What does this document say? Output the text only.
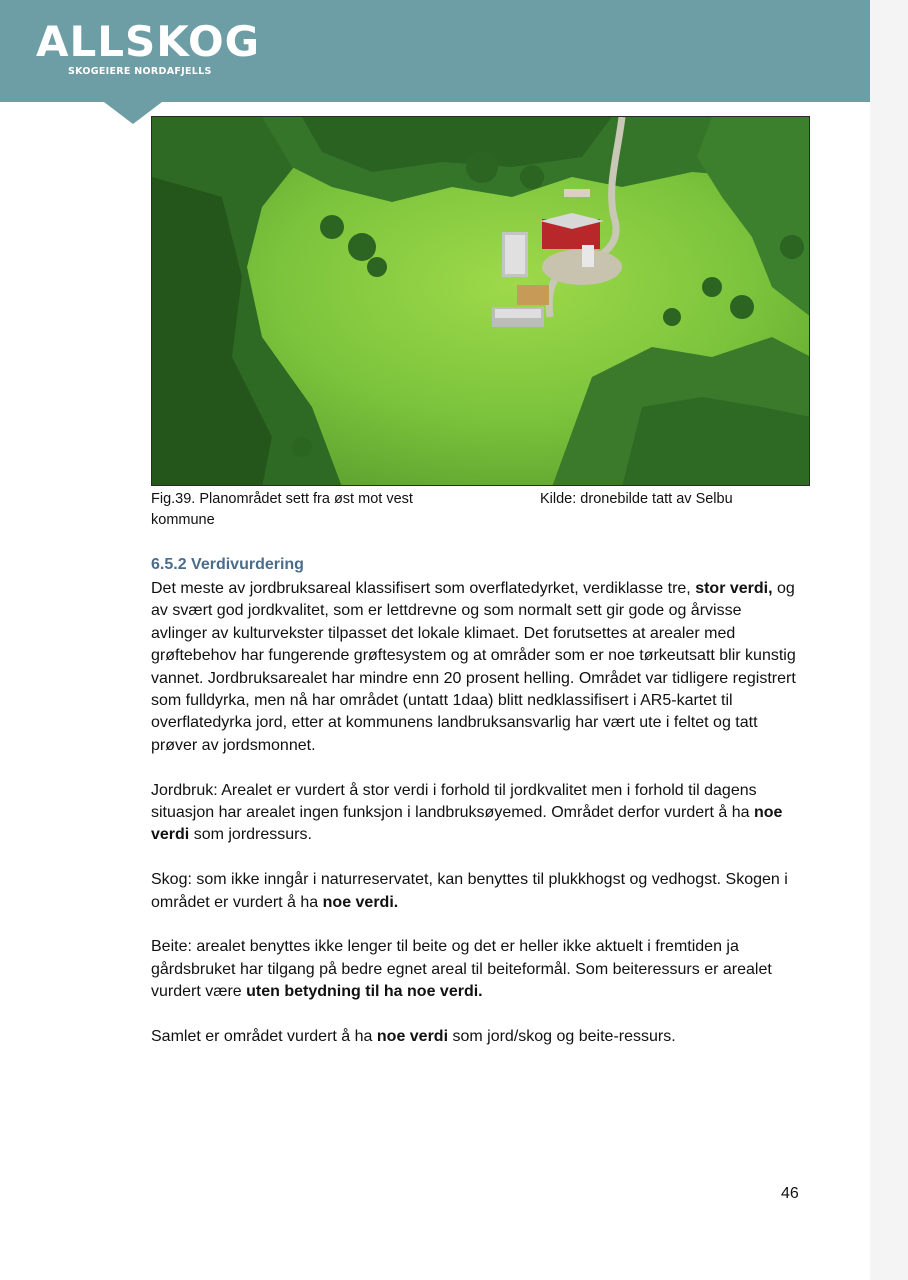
ALLSKOG
SKOGEIERE NORDAFJELLS
Fig.39. Planområdet sett fra øst mot vest
kommune
Kilde: dronebilde tatt av Selbu
6.5.2 Verdivurdering

Det meste av jordbruksareal klassifisert som overflatedyrket, verdiklasse tre, stor verdi, og av svært god jordkvalitet, som er lettdrevne og som normalt sett gir gode og årvisse avlinger av kulturvekster tilpasset det lokale klimaet. Det forutsettes at arealer med grøftebehov har fungerende grøftesystem og at områder som er noe tørkeutsatt blir kunstig vannet. Jordbruksarealet har mindre enn 20 prosent helling. Området var tidligere registrert som fulldyrka, men nå har området (untatt 1daa) blitt nedklassifisert i AR5-kartet til overflatedyrka jord, etter at kommunens landbruksansvarlig har vært ute i feltet og tatt prøver av jordsmonnet.

Jordbruk: Arealet er vurdert å stor verdi i forhold til jordkvalitet men i forhold til dagens situasjon har arealet ingen funksjon i landbruksøyemed. Området derfor vurdert å ha noe verdi som jordressurs.

Skog: som ikke inngår i naturreservatet, kan benyttes til plukkhogst og vedhogst. Skogen i området er vurdert å ha noe verdi.

Beite: arealet benyttes ikke lenger til beite og det er heller ikke aktuelt i fremtiden ja gårdsbruket har tilgang på bedre egnet areal til beiteformål. Som beiteressurs er arealet vurdert være uten betydning til ha noe verdi.

Samlet er området vurdert å ha noe verdi som jord/skog og beite-ressurs.

46
